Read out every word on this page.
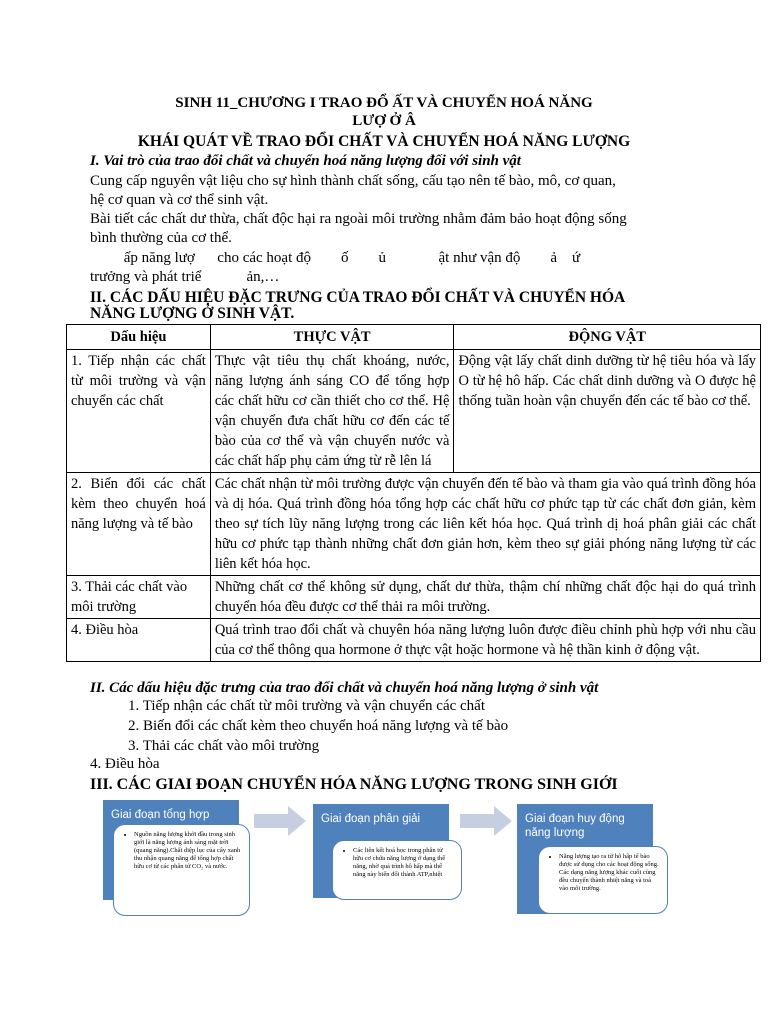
SINH 11_CHƯƠNG I TRAO ĐỔ ẤT VÀ CHUYỂN HOÁ NĂNG
LƯỢ Ở Â
KHÁI QUÁT VỀ TRAO ĐỔI CHẤT VÀ CHUYỂN HOÁ NĂNG LƯỢNG
I. Vai trò của trao đổi chất và chuyển hoá năng lượng đối với sinh vật
Cung cấp nguyên vật liệu cho sự hình thành chất sống, cấu tạo nên tế bào, mô, cơ quan,
hệ cơ quan và cơ thể sinh vật.
Bài tiết các chất dư thừa, chất độc hại ra ngoài môi trường nhằm đảm bảo hoạt động sống
bình thường của cơ thể.
ấp năng lượ      cho các hoạt độ        ố        ủ              ật như vận độ        ả    ứ
trưởng và phát triể            ản,…
II. CÁC DẤU HIỆU ĐẶC TRƯNG CỦA TRAO ĐỔI CHẤT VÀ CHUYỂN HÓA
NĂNG LƯỢNG Ở SINH VẬT.
Dấu hiệu	THỰC VẬT	ĐỘNG VẬT
1. Tiếp nhận các chất từ môi trường và vận chuyển các chất	Thực vật tiêu thụ chất khoáng, nước, năng lượng ánh sáng CO để tổng hợp các chất hữu cơ cần thiết cho cơ thể. Hệ vận chuyển đưa chất hữu cơ đến các tế bào của cơ thể và vận chuyển nước và các chất hấp phụ cảm ứng từ rễ lên lá	Động vật lấy chất dinh dưỡng từ hệ tiêu hóa và lấy O từ hệ hô hấp. Các chất dinh dưỡng và O được hệ thống tuần hoàn vận chuyển đến các tế bào cơ thể.
2. Biến đổi các chất kèm theo chuyển hoá năng lượng và tế bào	Các chất nhận từ môi trường được vận chuyển đến tế bào và tham gia vào quá trình đồng hóa và dị hóa. Quá trình đồng hóa tổng hợp các chất hữu cơ phức tạp từ các chất đơn giản, kèm theo sự tích lũy năng lượng trong các liên kết hóa học. Quá trình dị hoá phân giải các chất hữu cơ phức tạp thành những chất đơn giản hơn, kèm theo sự giải phóng năng lượng từ các liên kết hóa học.	
3. Thải các chất vào môi trường	Những chất cơ thể không sử dụng, chất dư thừa, thậm chí những chất độc hại do quá trình chuyển hóa đều được cơ thể thải ra môi trường.	
4. Điều hòa	Quá trình trao đổi chất và chuyên hóa năng lượng luôn được điều chỉnh phù hợp với nhu cầu của cơ thể thông qua hormone ở thực vật hoặc hormone và hệ thần kinh ở động vật.	
II. Các dấu hiệu đặc trưng của trao đổi chất và chuyển hoá năng lượng ở sinh vật
1. Tiếp nhận các chất từ môi trường và vận chuyển các chất
2. Biến đổi các chất kèm theo chuyển hoá năng lượng và tế bào
3. Thải các chất vào môi trường
4. Điều hòa
III. CÁC GIAI ĐOẠN CHUYỂN HÓA NĂNG LƯỢNG TRONG SINH GIỚI
Giai đoạn tổng hợp
• Nguồn năng lượng khởi đầu trong sinh giới là năng lượng ánh sáng mặt trời (quang năng).Chất diệp lục của cây xanh thu nhận quang năng để tổng hợp chất hữu cơ từ các phân tử CO₂ và nước.
Giai đoạn phân giải
• Các liên kết hoá học trong phân tử hữu cơ chứa năng lượng ở dạng thế năng, nhờ quá trình hô hấp mà thế năng này biến đổi thành ATP,nhiệt
Giai đoạn huy động năng lượng
• Năng lượng tạo ra từ hô hấp tế bào được sử dụng cho các hoạt động sống. Các dạng năng lượng khác cuối cùng đều chuyển thành nhiệt năng và toả vào môi trường.
